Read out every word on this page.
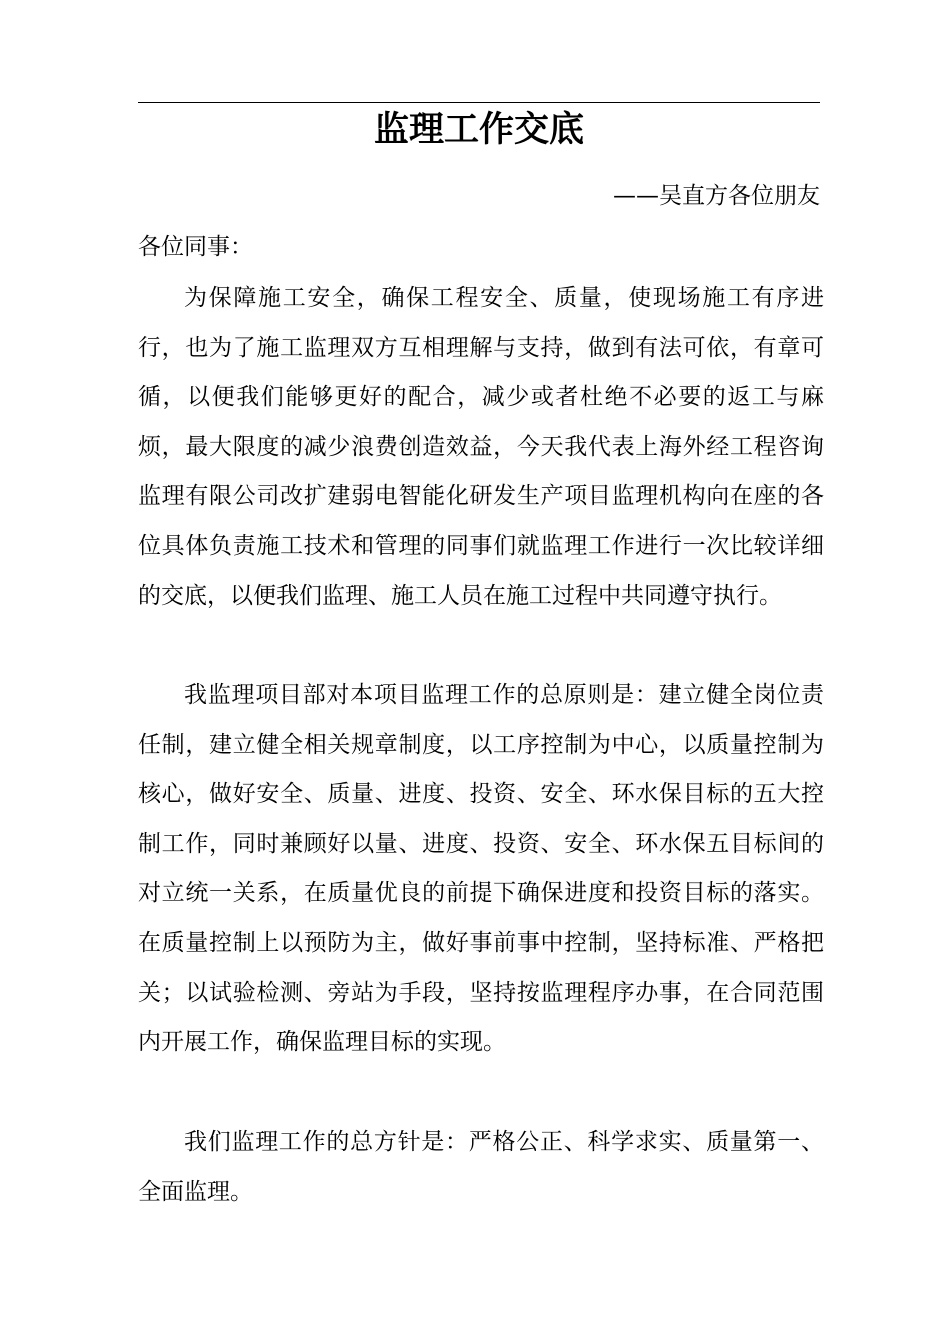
监理工作交底
——吴直方各位朋友
各位同事：

为保障施工安全，确保工程安全、质量，使现场施工有序进行，也为了施工监理双方互相理解与支持，做到有法可依，有章可循，以便我们能够更好的配合，减少或者杜绝不必要的返工与麻烦，最大限度的减少浪费创造效益，今天我代表上海外经工程咨询监理有限公司改扩建弱电智能化研发生产项目监理机构向在座的各位具体负责施工技术和管理的同事们就监理工作进行一次比较详细的交底，以便我们监理、施工人员在施工过程中共同遵守执行。

我监理项目部对本项目监理工作的总原则是：建立健全岗位责任制，建立健全相关规章制度，以工序控制为中心，以质量控制为核心，做好安全、质量、进度、投资、安全、环水保目标的五大控制工作，同时兼顾好以量、进度、投资、安全、环水保五目标间的对立统一关系，在质量优良的前提下确保进度和投资目标的落实。在质量控制上以预防为主，做好事前事中控制，坚持标准、严格把关；以试验检测、旁站为手段，坚持按监理程序办事，在合同范围内开展工作，确保监理目标的实现。

我们监理工作的总方针是：严格公正、科学求实、质量第一、全面监理。
